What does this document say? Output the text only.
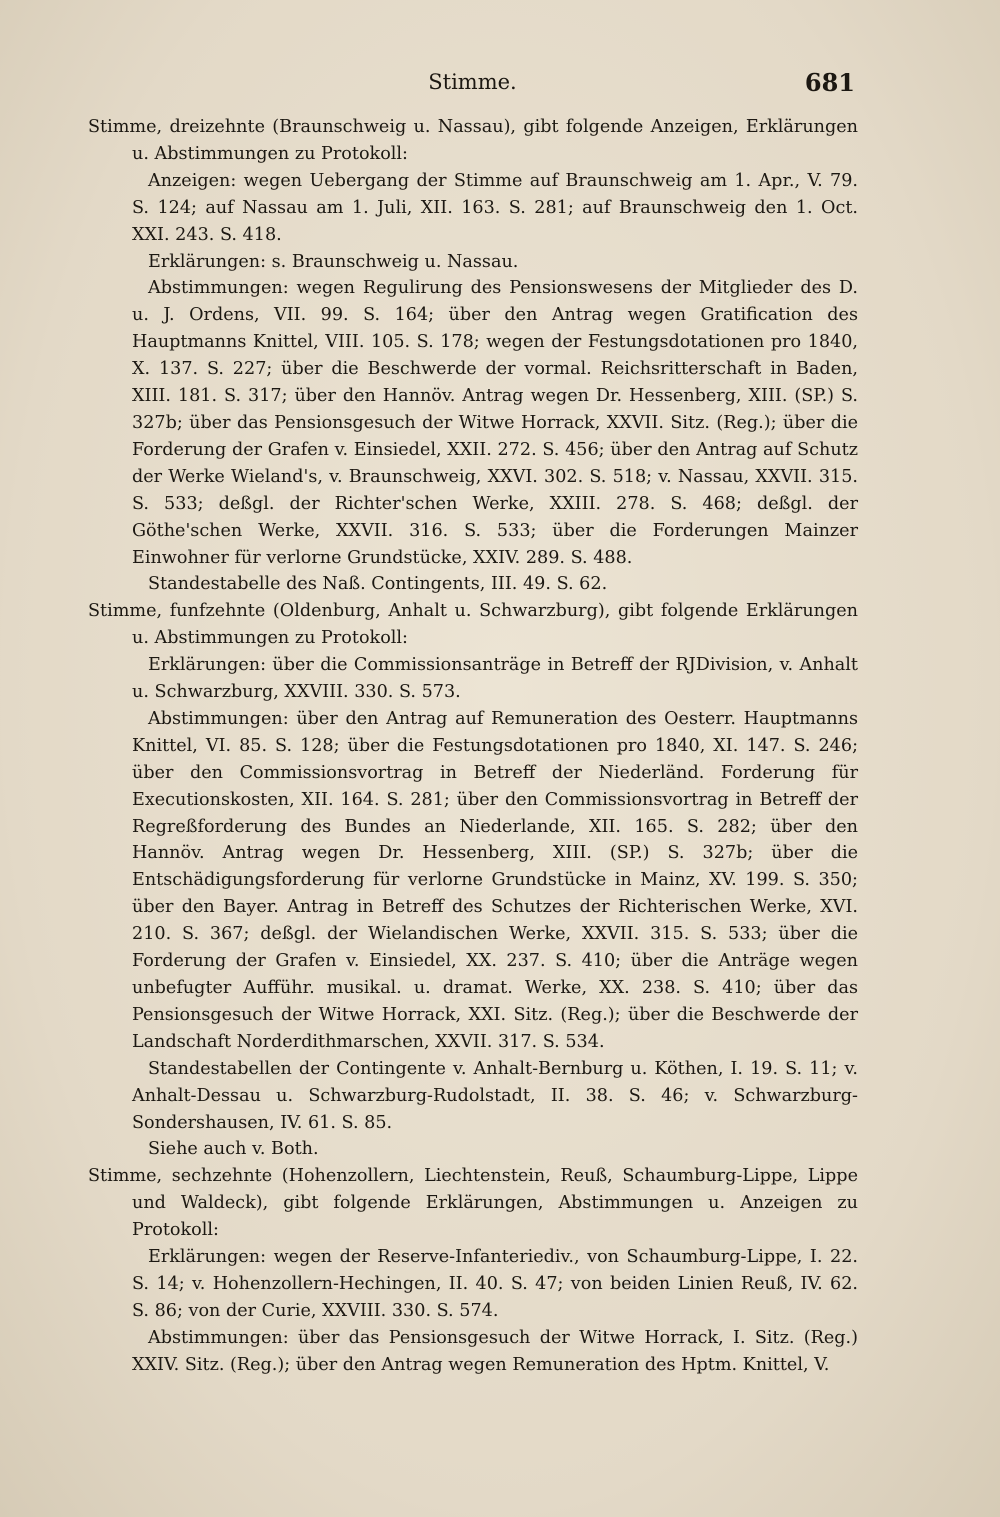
Stimme.	681

Stimme, dreizehnte (Braunschweig u. Nassau), gibt folgende Anzeigen, Erklärungen u. Abstimmungen zu Protokoll:

Anzeigen: wegen Uebergang der Stimme auf Braunschweig am 1. Apr., V. 79. S. 124; auf Nassau am 1. Juli, XII. 163. S. 281; auf Braunschweig den 1. Oct. XXI. 243. S. 418.

Erklärungen: s. Braunschweig u. Nassau.

Abstimmungen: wegen Regulirung des Pensionswesens der Mitglieder des D. u. J. Ordens, VII. 99. S. 164; über den Antrag wegen Gratification des Hauptmanns Knittel, VIII. 105. S. 178; wegen der Festungsdotationen pro 1840, X. 137. S. 227; über die Beschwerde der vormal. Reichsritterschaft in Baden, XIII. 181. S. 317; über den Hannöv. Antrag wegen Dr. Hessenberg, XIII. (SP.) S. 327b; über das Pensionsgesuch der Witwe Horrack, XXVII. Sitz. (Reg.); über die Forderung der Grafen v. Einsiedel, XXII. 272. S. 456; über den Antrag auf Schutz der Werke Wieland's, v. Braunschweig, XXVI. 302. S. 518; v. Nassau, XXVII. 315. S. 533; deßgl. der Richter'schen Werke, XXIII. 278. S. 468; deßgl. der Göthe'schen Werke, XXVII. 316. S. 533; über die Forderungen Mainzer Einwohner für verlorne Grundstücke, XXIV. 289. S. 488.

Standestabelle des Naß. Contingents, III. 49. S. 62.

Stimme, funfzehnte (Oldenburg, Anhalt u. Schwarzburg), gibt folgende Erklärungen u. Abstimmungen zu Protokoll:

Erklärungen: über die Commissionsanträge in Betreff der RJDivision, v. Anhalt u. Schwarzburg, XXVIII. 330. S. 573.

Abstimmungen: über den Antrag auf Remuneration des Oesterr. Hauptmanns Knittel, VI. 85. S. 128; über die Festungsdotationen pro 1840, XI. 147. S. 246; über den Commissionsvortrag in Betreff der Niederländ. Forderung für Executionskosten, XII. 164. S. 281; über den Commissionsvortrag in Betreff der Regreßforderung des Bundes an Niederlande, XII. 165. S. 282; über den Hannöv. Antrag wegen Dr. Hessenberg, XIII. (SP.) S. 327b; über die Entschädigungsforderung für verlorne Grundstücke in Mainz, XV. 199. S. 350; über den Bayer. Antrag in Betreff des Schutzes der Richterischen Werke, XVI. 210. S. 367; deßgl. der Wielandischen Werke, XXVII. 315. S. 533; über die Forderung der Grafen v. Einsiedel, XX. 237. S. 410; über die Anträge wegen unbefugter Aufführ. musikal. u. dramat. Werke, XX. 238. S. 410; über das Pensionsgesuch der Witwe Horrack, XXI. Sitz. (Reg.); über die Beschwerde der Landschaft Norderdithmarschen, XXVII. 317. S. 534.

Standestabellen der Contingente v. Anhalt-Bernburg u. Köthen, I. 19. S. 11; v. Anhalt-Dessau u. Schwarzburg-Rudolstadt, II. 38. S. 46; v. Schwarzburg-Sondershausen, IV. 61. S. 85.

Siehe auch v. Both.

Stimme, sechzehnte (Hohenzollern, Liechtenstein, Reuß, Schaumburg-Lippe, Lippe und Waldeck), gibt folgende Erklärungen, Abstimmungen u. Anzeigen zu Protokoll:

Erklärungen: wegen der Reserve-Infanteriediv., von Schaumburg-Lippe, I. 22. S. 14; v. Hohenzollern-Hechingen, II. 40. S. 47; von beiden Linien Reuß, IV. 62. S. 86; von der Curie, XXVIII. 330. S. 574.

Abstimmungen: über das Pensionsgesuch der Witwe Horrack, I. Sitz. (Reg.) XXIV. Sitz. (Reg.); über den Antrag wegen Remuneration des Hptm. Knittel, V.
